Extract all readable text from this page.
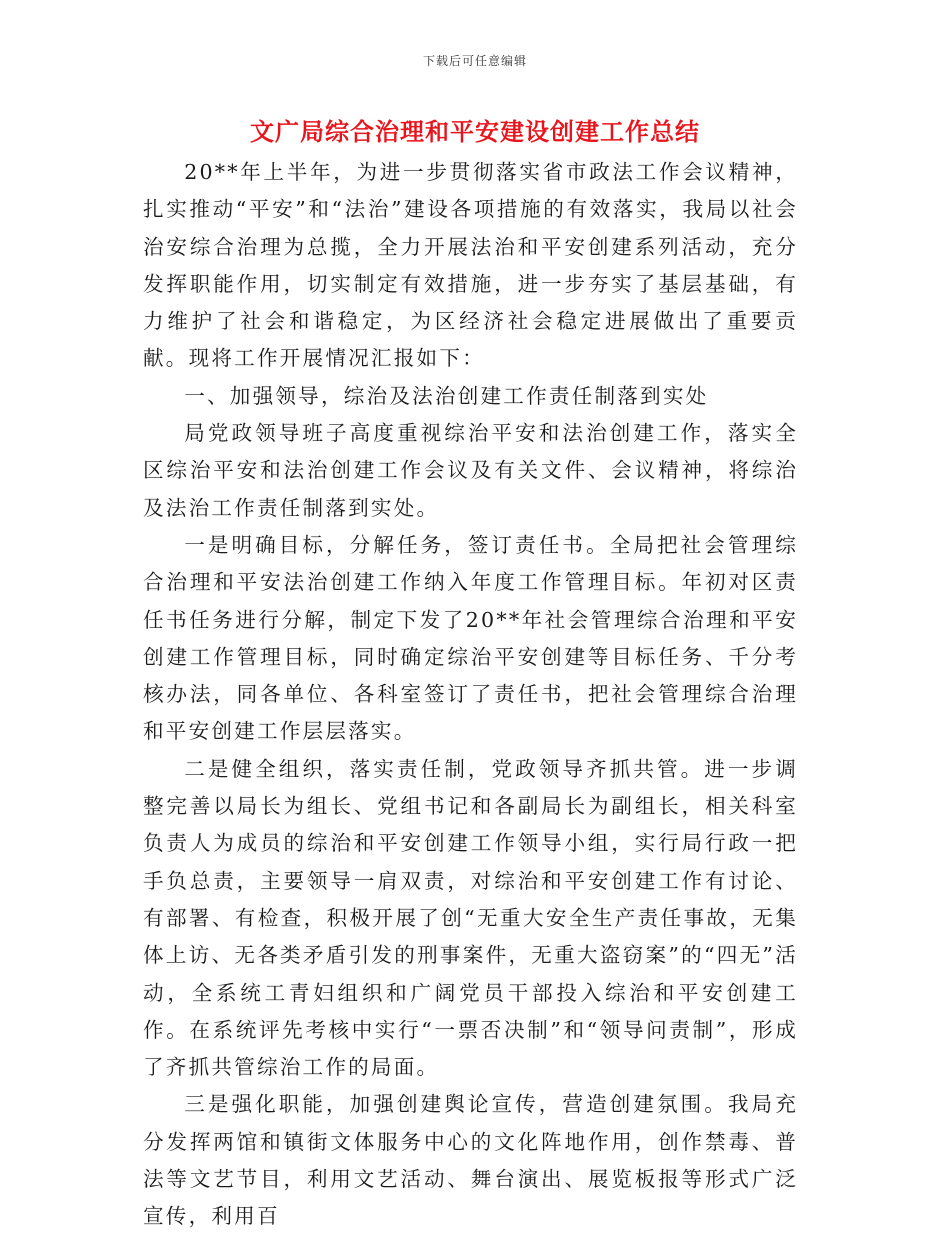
下载后可任意编辑
文广局综合治理和平安建设创建工作总结

20**年上半年，为进一步贯彻落实省市政法工作会议精神，扎实推动“平安”和“法治”建设各项措施的有效落实，我局以社会治安综合治理为总揽，全力开展法治和平安创建系列活动，充分发挥职能作用，切实制定有效措施，进一步夯实了基层基础，有力维护了社会和谐稳定，为区经济社会稳定进展做出了重要贡献。现将工作开展情况汇报如下：

一、加强领导，综治及法治创建工作责任制落到实处

局党政领导班子高度重视综治平安和法治创建工作，落实全区综治平安和法治创建工作会议及有关文件、会议精神，将综治及法治工作责任制落到实处。

一是明确目标，分解任务，签订责任书。全局把社会管理综合治理和平安法治创建工作纳入年度工作管理目标。年初对区责任书任务进行分解，制定下发了20**年社会管理综合治理和平安创建工作管理目标，同时确定综治平安创建等目标任务、千分考核办法，同各单位、各科室签订了责任书，把社会管理综合治理和平安创建工作层层落实。

二是健全组织，落实责任制，党政领导齐抓共管。进一步调整完善以局长为组长、党组书记和各副局长为副组长，相关科室负责人为成员的综治和平安创建工作领导小组，实行局行政一把手负总责，主要领导一肩双责，对综治和平安创建工作有讨论、有部署、有检查，积极开展了创“无重大安全生产责任事故，无集体上访、无各类矛盾引发的刑事案件，无重大盗窃案”的“四无”活动，全系统工青妇组织和广阔党员干部投入综治和平安创建工作。在系统评先考核中实行“一票否决制”和“领导问责制”，形成了齐抓共管综治工作的局面。

三是强化职能，加强创建舆论宣传，营造创建氛围。我局充分发挥两馆和镇街文体服务中心的文化阵地作用，创作禁毒、普法等文艺节目，利用文艺活动、舞台演出、展览板报等形式广泛宣传，利用百
